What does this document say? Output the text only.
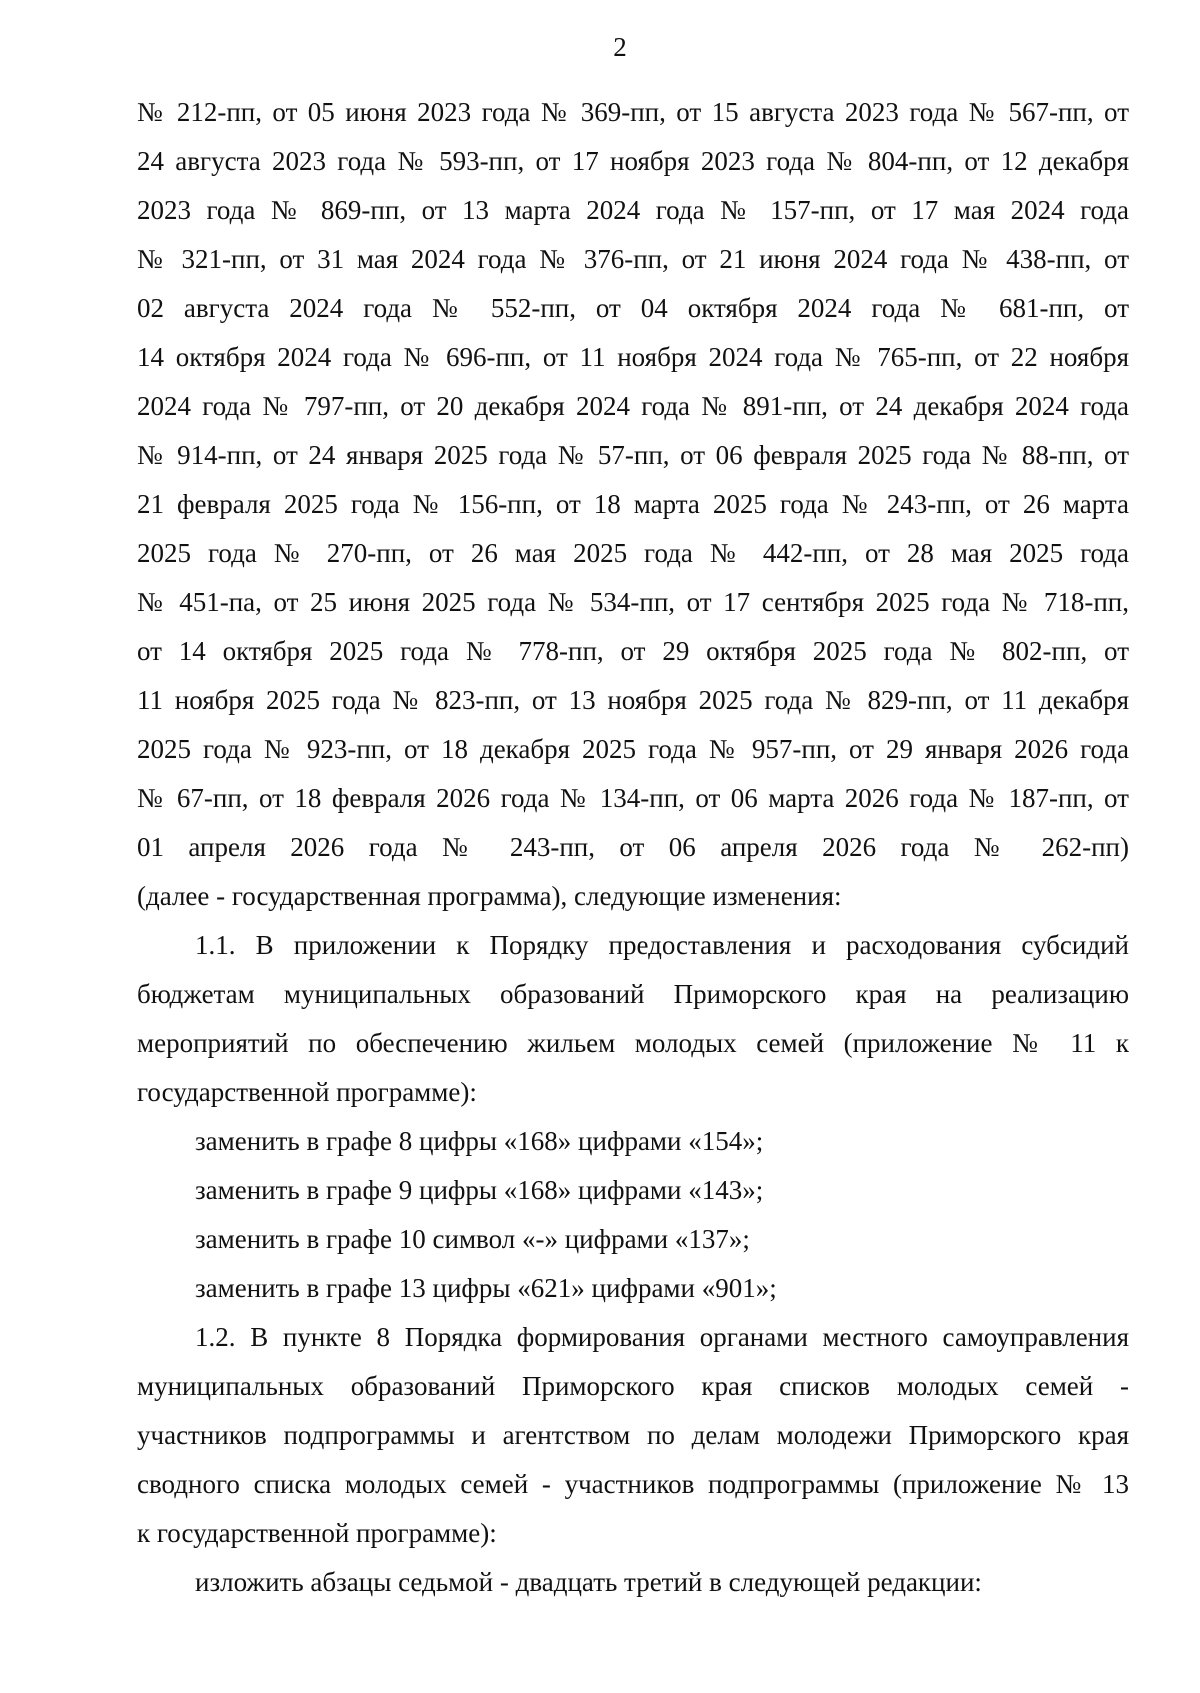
2
№ 212-пп, от 05 июня 2023 года № 369-пп, от 15 августа 2023 года № 567-пп, от
24 августа 2023 года № 593-пп, от 17 ноября 2023 года № 804-пп, от 12 декабря
2023 года № 869-пп, от 13 марта 2024 года № 157-пп, от 17 мая 2024 года
№ 321-пп, от 31 мая 2024 года № 376-пп, от 21 июня 2024 года № 438-пп, от
02 августа 2024 года № 552-пп, от 04 октября 2024 года № 681-пп, от
14 октября 2024 года № 696-пп, от 11 ноября 2024 года № 765-пп, от 22 ноября
2024 года № 797-пп, от 20 декабря 2024 года № 891-пп, от 24 декабря 2024 года
№ 914-пп, от 24 января 2025 года № 57-пп, от 06 февраля 2025 года № 88-пп, от
21 февраля 2025 года № 156-пп, от 18 марта 2025 года № 243-пп, от 26 марта
2025 года № 270-пп, от 26 мая 2025 года № 442-пп, от 28 мая 2025 года
№ 451-па, от 25 июня 2025 года № 534-пп, от 17 сентября 2025 года № 718-пп,
от 14 октября 2025 года № 778-пп, от 29 октября 2025 года № 802-пп, от
11 ноября 2025 года № 823-пп, от 13 ноября 2025 года № 829-пп, от 11 декабря
2025 года № 923-пп, от 18 декабря 2025 года № 957-пп, от 29 января 2026 года
№ 67-пп, от 18 февраля 2026 года № 134-пп, от 06 марта 2026 года № 187-пп, от
01 апреля 2026 года № 243-пп, от 06 апреля 2026 года № 262-пп)
(далее - государственная программа), следующие изменения:
1.1. В приложении к Порядку предоставления и расходования субсидий
бюджетам муниципальных образований Приморского края на реализацию
мероприятий по обеспечению жильем молодых семей (приложение № 11 к
государственной программе):
заменить в графе 8 цифры «168» цифрами «154»;
заменить в графе 9 цифры «168» цифрами «143»;
заменить в графе 10 символ «-» цифрами «137»;
заменить в графе 13 цифры «621» цифрами «901»;
1.2. В пункте 8 Порядка формирования органами местного самоуправления
муниципальных образований Приморского края списков молодых семей -
участников подпрограммы и агентством по делам молодежи Приморского края
сводного списка молодых семей - участников подпрограммы (приложение № 13
к государственной программе):
изложить абзацы седьмой - двадцать третий в следующей редакции:
